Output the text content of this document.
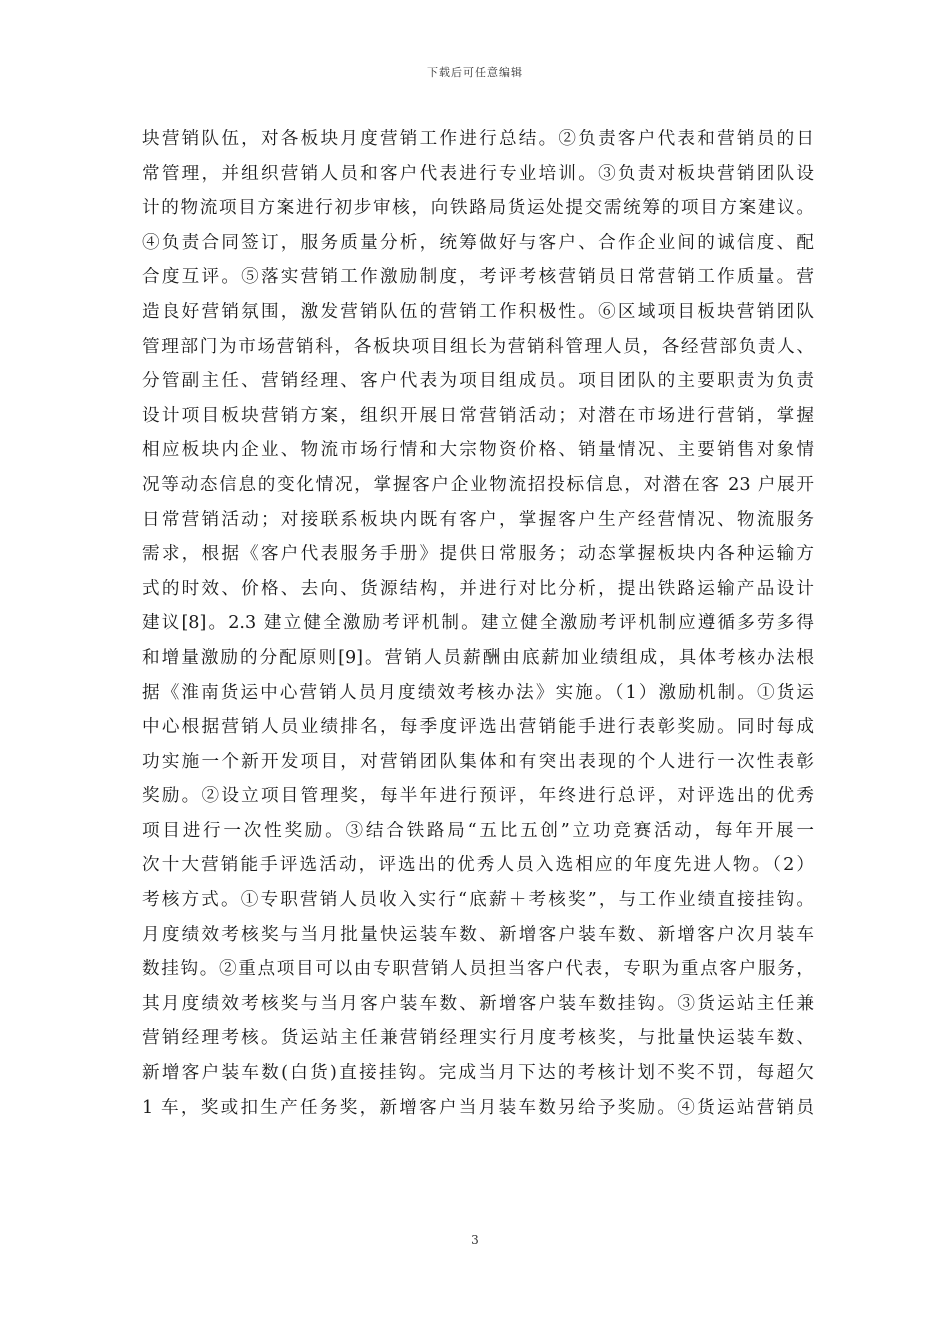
下载后可任意编辑
块营销队伍，对各板块月度营销工作进行总结。②负责客户代表和营销员的日
常管理，并组织营销人员和客户代表进行专业培训。③负责对板块营销团队设
计的物流项目方案进行初步审核，向铁路局货运处提交需统筹的项目方案建议。
④负责合同签订，服务质量分析，统筹做好与客户、合作企业间的诚信度、配
合度互评。⑤落实营销工作激励制度，考评考核营销员日常营销工作质量。营
造良好营销氛围，激发营销队伍的营销工作积极性。⑥区域项目板块营销团队
管理部门为市场营销科，各板块项目组长为营销科管理人员，各经营部负责人、
分管副主任、营销经理、客户代表为项目组成员。项目团队的主要职责为负责
设计项目板块营销方案，组织开展日常营销活动；对潜在市场进行营销，掌握
相应板块内企业、物流市场行情和大宗物资价格、销量情况、主要销售对象情
况等动态信息的变化情况，掌握客户企业物流招投标信息，对潜在客 23 户展开
日常营销活动；对接联系板块内既有客户，掌握客户生产经营情况、物流服务
需求，根据《客户代表服务手册》提供日常服务；动态掌握板块内各种运输方
式的时效、价格、去向、货源结构，并进行对比分析，提出铁路运输产品设计
建议[8]。2.3 建立健全激励考评机制。建立健全激励考评机制应遵循多劳多得
和增量激励的分配原则[9]。营销人员薪酬由底薪加业绩组成，具体考核办法根
据《淮南货运中心营销人员月度绩效考核办法》实施。（1）激励机制。①货运
中心根据营销人员业绩排名，每季度评选出营销能手进行表彰奖励。同时每成
功实施一个新开发项目，对营销团队集体和有突出表现的个人进行一次性表彰
奖励。②设立项目管理奖，每半年进行预评，年终进行总评，对评选出的优秀
项目进行一次性奖励。③结合铁路局“五比五创”立功竞赛活动，每年开展一
次十大营销能手评选活动，评选出的优秀人员入选相应的年度先进人物。（2）
考核方式。①专职营销人员收入实行“底薪＋考核奖”，与工作业绩直接挂钩。
月度绩效考核奖与当月批量快运装车数、新增客户装车数、新增客户次月装车
数挂钩。②重点项目可以由专职营销人员担当客户代表，专职为重点客户服务，
其月度绩效考核奖与当月客户装车数、新增客户装车数挂钩。③货运站主任兼
营销经理考核。货运站主任兼营销经理实行月度考核奖，与批量快运装车数、
新增客户装车数(白货)直接挂钩。完成当月下达的考核计划不奖不罚，每超欠
1 车，奖或扣生产任务奖，新增客户当月装车数另给予奖励。④货运站营销员
3
